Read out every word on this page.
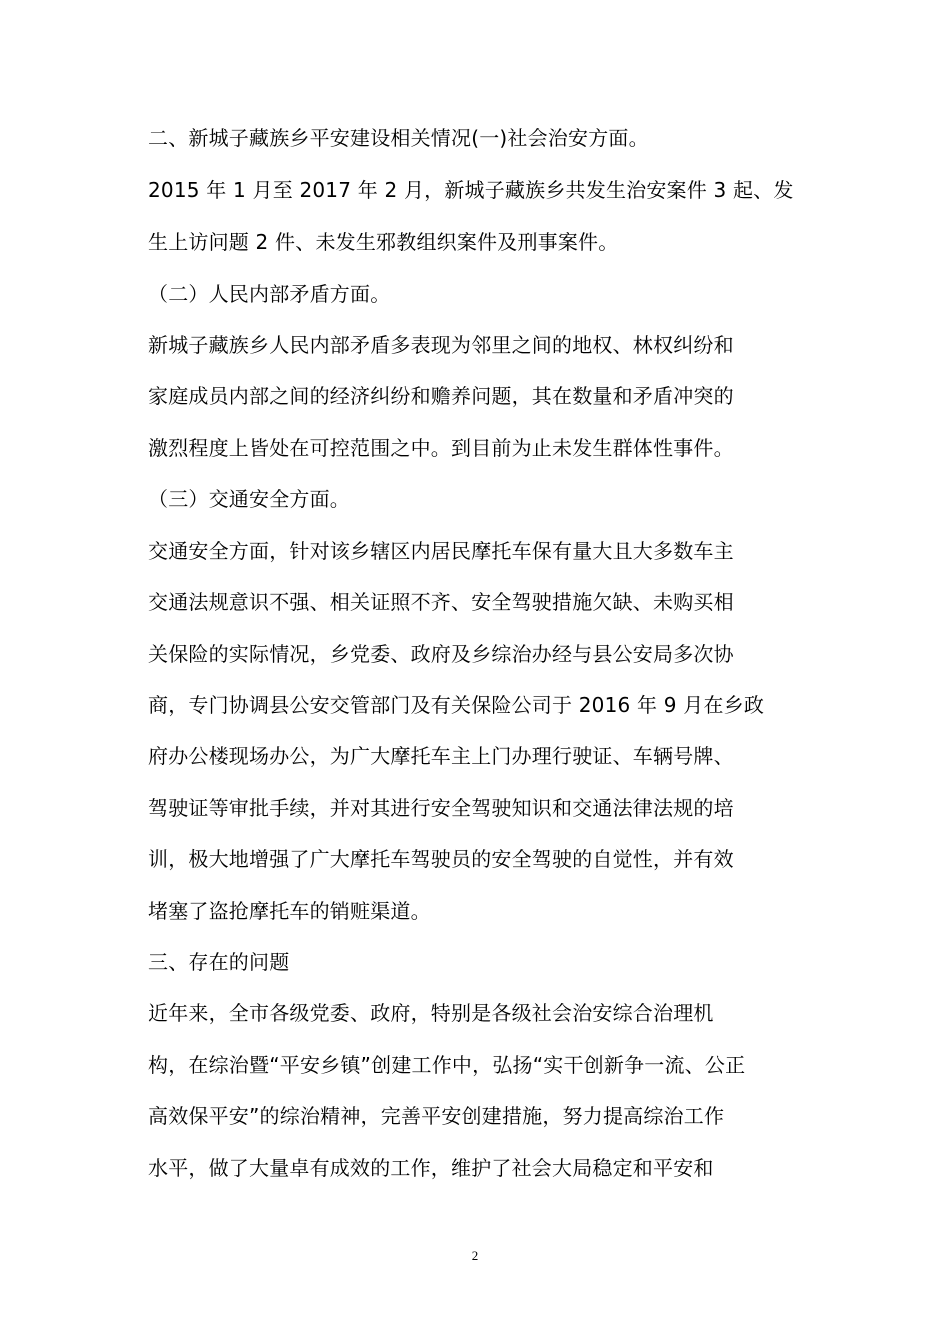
二、新城子藏族乡平安建设相关情况(一)社会治安方面。
2015 年 1 月至 2017 年 2 月，新城子藏族乡共发生治安案件 3 起、发
生上访问题 2 件、未发生邪教组织案件及刑事案件。
（二）人民内部矛盾方面。
新城子藏族乡人民内部矛盾多表现为邻里之间的地权、林权纠纷和
家庭成员内部之间的经济纠纷和赡养问题，其在数量和矛盾冲突的
激烈程度上皆处在可控范围之中。到目前为止未发生群体性事件。
（三）交通安全方面。
交通安全方面，针对该乡辖区内居民摩托车保有量大且大多数车主
交通法规意识不强、相关证照不齐、安全驾驶措施欠缺、未购买相
关保险的实际情况，乡党委、政府及乡综治办经与县公安局多次协
商，专门协调县公安交管部门及有关保险公司于 2016 年 9 月在乡政
府办公楼现场办公，为广大摩托车主上门办理行驶证、车辆号牌、
驾驶证等审批手续，并对其进行安全驾驶知识和交通法律法规的培
训，极大地增强了广大摩托车驾驶员的安全驾驶的自觉性，并有效
堵塞了盗抢摩托车的销赃渠道。
三、存在的问题
近年来，全市各级党委、政府，特别是各级社会治安综合治理机
构，在综治暨“平安乡镇”创建工作中，弘扬“实干创新争一流、公正
高效保平安”的综治精神，完善平安创建措施，努力提高综治工作
水平，做了大量卓有成效的工作，维护了社会大局稳定和平安和
2
